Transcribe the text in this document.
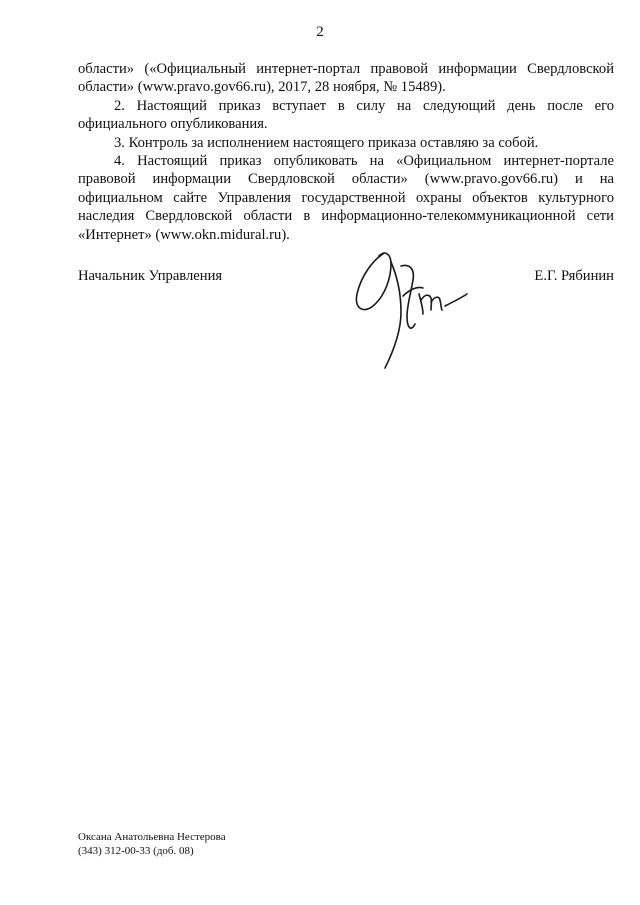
2

области» («Официальный интернет-портал правовой информации Свердловской области» (www.pravo.gov66.ru), 2017, 28 ноября, № 15489).

2. Настоящий приказ вступает в силу на следующий день после его официального опубликования.

3. Контроль за исполнением настоящего приказа оставляю за собой.

4. Настоящий приказ опубликовать на «Официальном интернет-портале правовой информации Свердловской области» (www.pravo.gov66.ru) и на официальном сайте Управления государственной охраны объектов культурного наследия Свердловской области в информационно-телекоммуникационной сети «Интернет» (www.okn.midural.ru).

Начальник Управления	Е.Г. Рябинин
Оксана Анатольевна Нестерова
(343) 312-00-33 (доб. 08)
